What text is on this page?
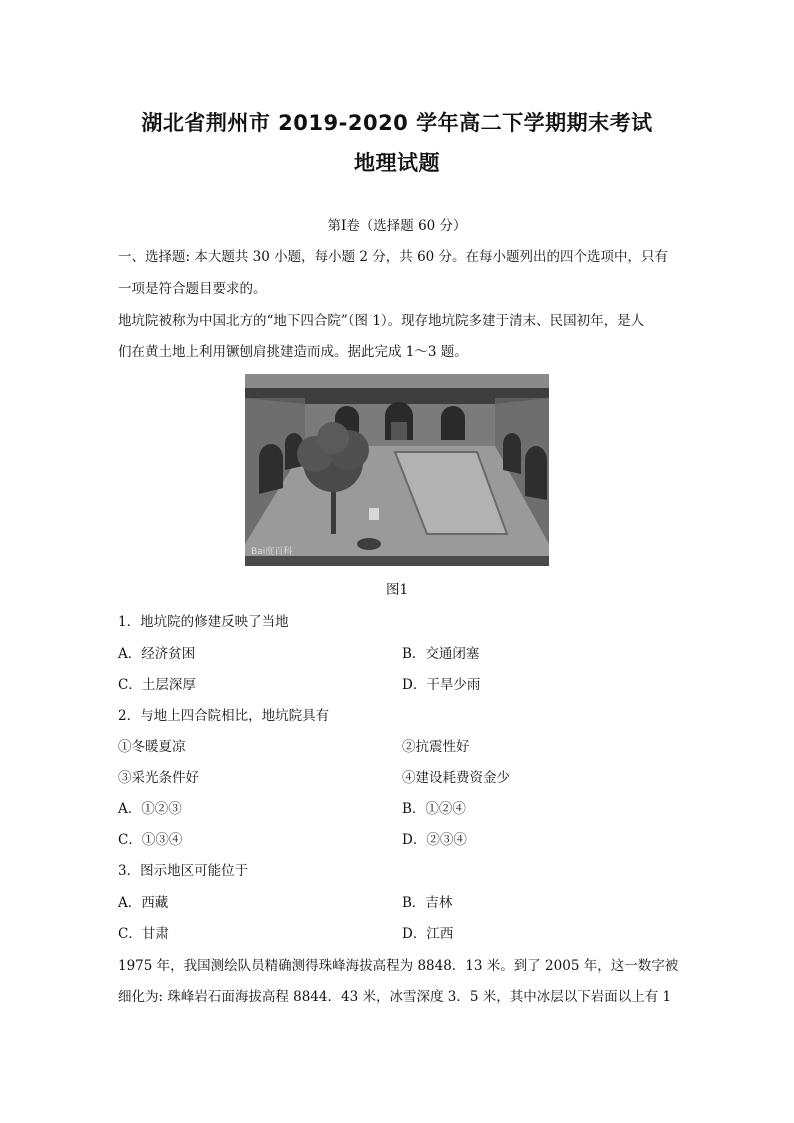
湖北省荆州市 2019-2020 学年高二下学期期末考试
地理试题
第Ⅰ卷（选择题 60 分）
一、选择题: 本大题共 30 小题，每小题 2 分，共 60 分。在每小题列出的四个选项中，只有
一项是符合题目要求的。
地坑院被称为中国北方的“地下四合院”（图 1）。现存地坑院多建于清末、民国初年，是人
们在黄土地上利用镢刨肩挑建造而成。据此完成 1～3 题。
Bai度百科
图1
1．地坑院的修建反映了当地
A．经济贫困	B．交通闭塞
C．土层深厚	D．干旱少雨
2．与地上四合院相比，地坑院具有
①冬暖夏凉	②抗震性好
③采光条件好	④建设耗费资金少
A．①②③	B．①②④
C．①③④	D．②③④
3．图示地区可能位于
A．西藏	B．吉林
C．甘肃	D．江西
1975 年，我国测绘队员精确测得珠峰海拔高程为 8848．13 米。到了 2005 年，这一数字被
细化为: 珠峰岩石面海拔高程 8844．43 米，冰雪深度 3．5 米，其中冰层以下岩面以上有 1
